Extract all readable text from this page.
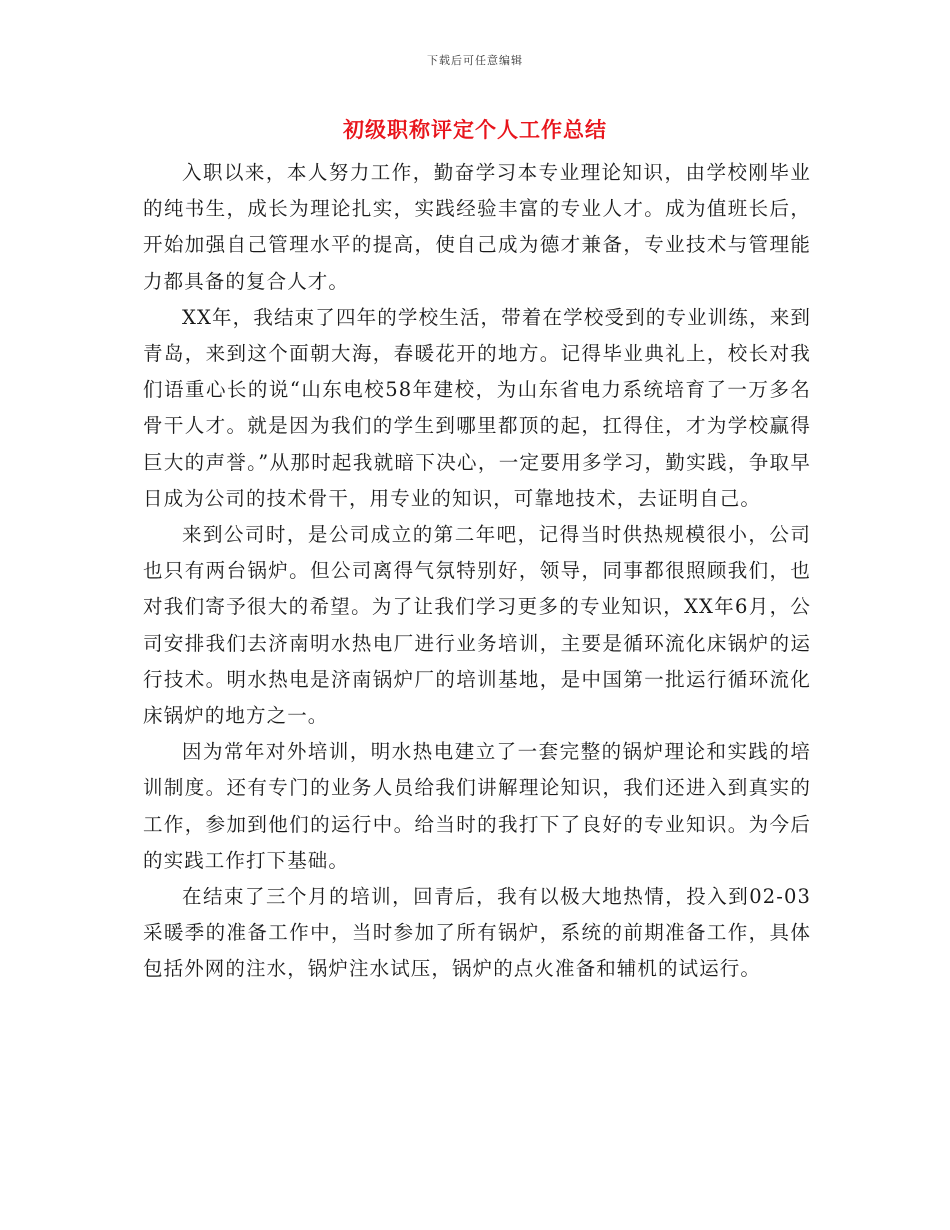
下载后可任意编辑
初级职称评定个人工作总结

入职以来，本人努力工作，勤奋学习本专业理论知识，由学校刚毕业的纯书生，成长为理论扎实，实践经验丰富的专业人才。成为值班长后，开始加强自己管理水平的提高，使自己成为德才兼备，专业技术与管理能力都具备的复合人才。

XX年，我结束了四年的学校生活，带着在学校受到的专业训练，来到青岛，来到这个面朝大海，春暖花开的地方。记得毕业典礼上，校长对我们语重心长的说“山东电校58年建校，为山东省电力系统培育了一万多名骨干人才。就是因为我们的学生到哪里都顶的起，扛得住，才为学校赢得巨大的声誉。”从那时起我就暗下决心，一定要用多学习，勤实践，争取早日成为公司的技术骨干，用专业的知识，可靠地技术，去证明自己。

来到公司时，是公司成立的第二年吧，记得当时供热规模很小，公司也只有两台锅炉。但公司离得气氛特别好，领导，同事都很照顾我们，也对我们寄予很大的希望。为了让我们学习更多的专业知识，XX年6月，公司安排我们去济南明水热电厂进行业务培训，主要是循环流化床锅炉的运行技术。明水热电是济南锅炉厂的培训基地，是中国第一批运行循环流化床锅炉的地方之一。

因为常年对外培训，明水热电建立了一套完整的锅炉理论和实践的培训制度。还有专门的业务人员给我们讲解理论知识，我们还进入到真实的工作，参加到他们的运行中。给当时的我打下了良好的专业知识。为今后的实践工作打下基础。

在结束了三个月的培训，回青后，我有以极大地热情，投入到02-03采暖季的准备工作中，当时参加了所有锅炉，系统的前期准备工作，具体包括外网的注水，锅炉注水试压，锅炉的点火准备和辅机的试运行。
